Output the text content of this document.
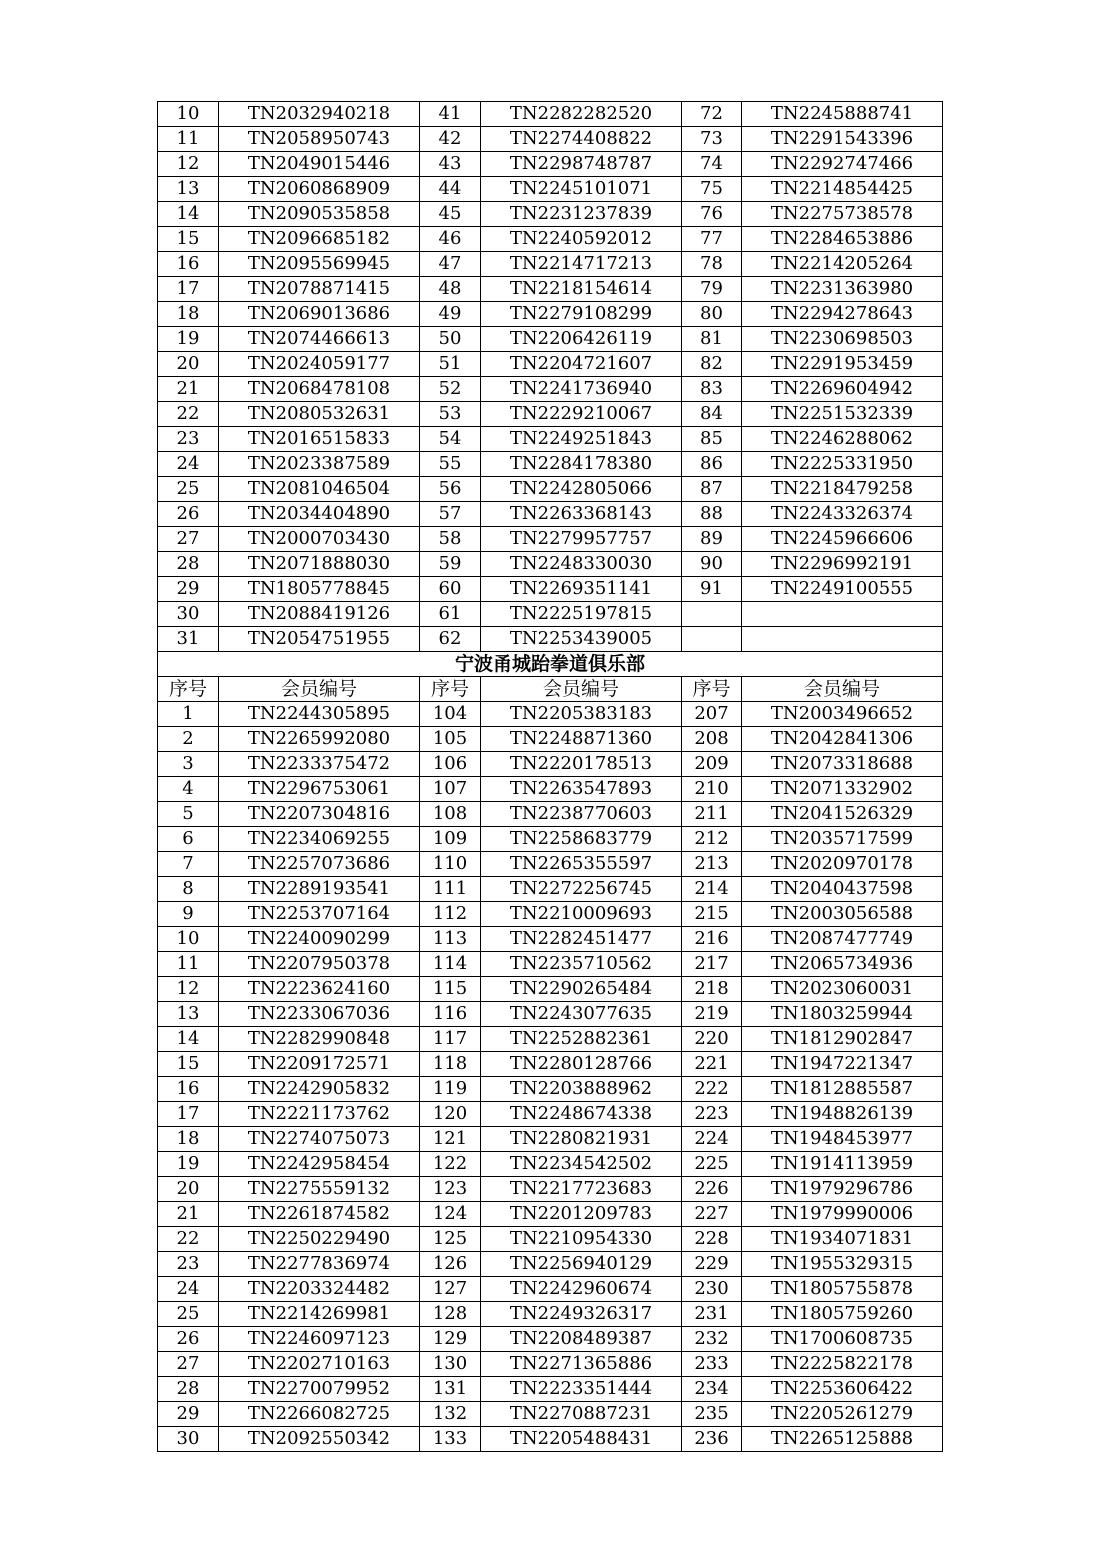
10	TN2032940218	41	TN2282282520	72	TN2245888741
11	TN2058950743	42	TN2274408822	73	TN2291543396
12	TN2049015446	43	TN2298748787	74	TN2292747466
13	TN2060868909	44	TN2245101071	75	TN2214854425
14	TN2090535858	45	TN2231237839	76	TN2275738578
15	TN2096685182	46	TN2240592012	77	TN2284653886
16	TN2095569945	47	TN2214717213	78	TN2214205264
17	TN2078871415	48	TN2218154614	79	TN2231363980
18	TN2069013686	49	TN2279108299	80	TN2294278643
19	TN2074466613	50	TN2206426119	81	TN2230698503
20	TN2024059177	51	TN2204721607	82	TN2291953459
21	TN2068478108	52	TN2241736940	83	TN2269604942
22	TN2080532631	53	TN2229210067	84	TN2251532339
23	TN2016515833	54	TN2249251843	85	TN2246288062
24	TN2023387589	55	TN2284178380	86	TN2225331950
25	TN2081046504	56	TN2242805066	87	TN2218479258
26	TN2034404890	57	TN2263368143	88	TN2243326374
27	TN2000703430	58	TN2279957757	89	TN2245966606
28	TN2071888030	59	TN2248330030	90	TN2296992191
29	TN1805778845	60	TN2269351141	91	TN2249100555
30	TN2088419126	61	TN2225197815		
31	TN2054751955	62	TN2253439005		
宁波甬城跆拳道俱乐部					
序号	会员编号	序号	会员编号	序号	会员编号
1	TN2244305895	104	TN2205383183	207	TN2003496652
2	TN2265992080	105	TN2248871360	208	TN2042841306
3	TN2233375472	106	TN2220178513	209	TN2073318688
4	TN2296753061	107	TN2263547893	210	TN2071332902
5	TN2207304816	108	TN2238770603	211	TN2041526329
6	TN2234069255	109	TN2258683779	212	TN2035717599
7	TN2257073686	110	TN2265355597	213	TN2020970178
8	TN2289193541	111	TN2272256745	214	TN2040437598
9	TN2253707164	112	TN2210009693	215	TN2003056588
10	TN2240090299	113	TN2282451477	216	TN2087477749
11	TN2207950378	114	TN2235710562	217	TN2065734936
12	TN2223624160	115	TN2290265484	218	TN2023060031
13	TN2233067036	116	TN2243077635	219	TN1803259944
14	TN2282990848	117	TN2252882361	220	TN1812902847
15	TN2209172571	118	TN2280128766	221	TN1947221347
16	TN2242905832	119	TN2203888962	222	TN1812885587
17	TN2221173762	120	TN2248674338	223	TN1948826139
18	TN2274075073	121	TN2280821931	224	TN1948453977
19	TN2242958454	122	TN2234542502	225	TN1914113959
20	TN2275559132	123	TN2217723683	226	TN1979296786
21	TN2261874582	124	TN2201209783	227	TN1979990006
22	TN2250229490	125	TN2210954330	228	TN1934071831
23	TN2277836974	126	TN2256940129	229	TN1955329315
24	TN2203324482	127	TN2242960674	230	TN1805755878
25	TN2214269981	128	TN2249326317	231	TN1805759260
26	TN2246097123	129	TN2208489387	232	TN1700608735
27	TN2202710163	130	TN2271365886	233	TN2225822178
28	TN2270079952	131	TN2223351444	234	TN2253606422
29	TN2266082725	132	TN2270887231	235	TN2205261279
30	TN2092550342	133	TN2205488431	236	TN2265125888
